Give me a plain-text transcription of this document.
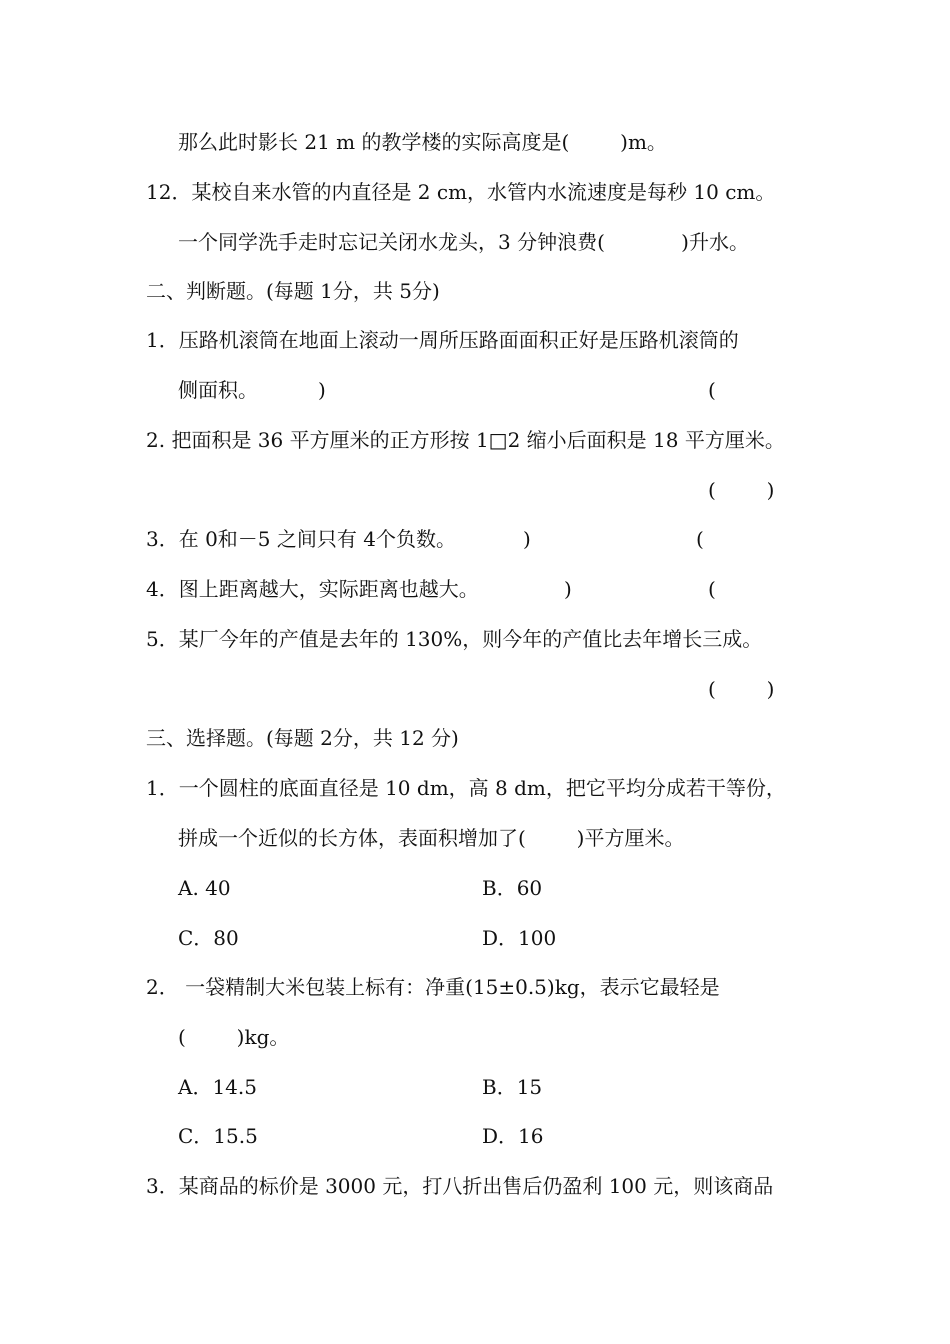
那么此时影长 21 m 的教学楼的实际高度是(        )m。
12．某校自来水管的内直径是 2 cm，水管内水流速度是每秒 10 cm。
一个同学洗手走时忘记关闭水龙头，3 分钟浪费(            )升水。
二、判断题。(每题 1分，共 5分)
1．压路机滚筒在地面上滚动一周所压路面面积正好是压路机滚筒的
侧面积。	)	(
2. 把面积是 36 平方厘米的正方形按 1□2 缩小后面积是 18 平方厘米。
(        )
3．在 0和－5 之间只有 4个负数。	)	(
4．图上距离越大，实际距离也越大。	)	(
5．某厂今年的产值是去年的 130%，则今年的产值比去年增长三成。
(        )
三、选择题。(每题 2分，共 12 分)
1．一个圆柱的底面直径是 10 dm，高 8 dm，把它平均分成若干等份，
拼成一个近似的长方体，表面积增加了(        )平方厘米。
A. 40	B．60
C．80	D．100
2． 一袋精制大米包装上标有：净重(15±0.5)kg，表示它最轻是
(        )kg。
A．14.5	B．15
C．15.5	D．16
3．某商品的标价是 3000 元，打八折出售后仍盈利 100 元，则该商品
